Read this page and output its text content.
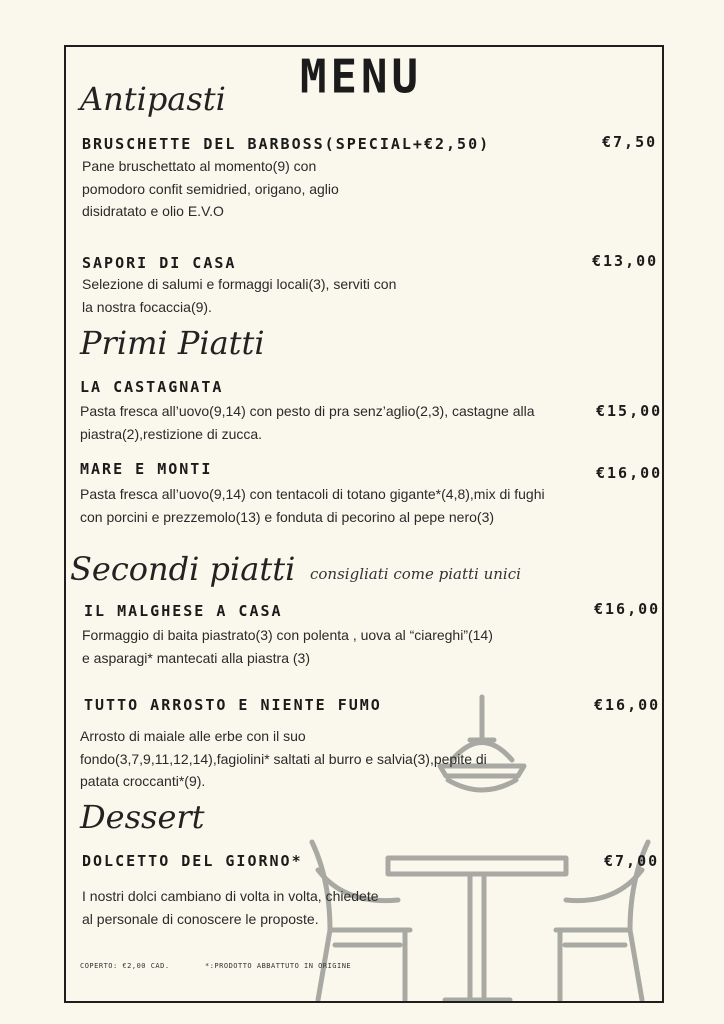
MENU
Antipasti
Primi Piatti
Secondi piatti consigliati come piatti unici
Dessert
BRUSCHETTE DEL BARBOSS(SPECIAL+€2,50)	€7,50
Pane bruschettato al momento(9) con
pomodoro confit semidried, origano, aglio
disidratato e olio E.V.O
SAPORI DI CASA	€13,00
Selezione di salumi e formaggi locali(3), serviti con
la nostra focaccia(9).
LA CASTAGNATA
€15,00
Pasta fresca all’uovo(9,14) con pesto di pra senz’aglio(2,3), castagne alla
piastra(2),restizione di zucca.
MARE E MONTI	€16,00
Pasta fresca all’uovo(9,14) con tentacoli di totano gigante*(4,8),mix di fughi
con porcini e prezzemolo(13) e fonduta di pecorino al pepe nero(3)
IL MALGHESE A CASA	€16,00
Formaggio di baita piastrato(3) con polenta , uova al “ciareghi”(14)
e asparagi* mantecati alla piastra (3)
TUTTO ARROSTO E NIENTE FUMO	€16,00
Arrosto di maiale alle erbe con il suo
fondo(3,7,9,11,12,14),fagiolini* saltati al burro e salvia(3),pepite di
patata croccanti*(9).
DOLCETTO DEL GIORNO*	€7,00
I nostri dolci cambiano di volta in volta, chiedete
al personale di conoscere le proposte.
COPERTO: €2,00 CAD.	*:PRODOTTO ABBATTUTO IN ORIGINE
